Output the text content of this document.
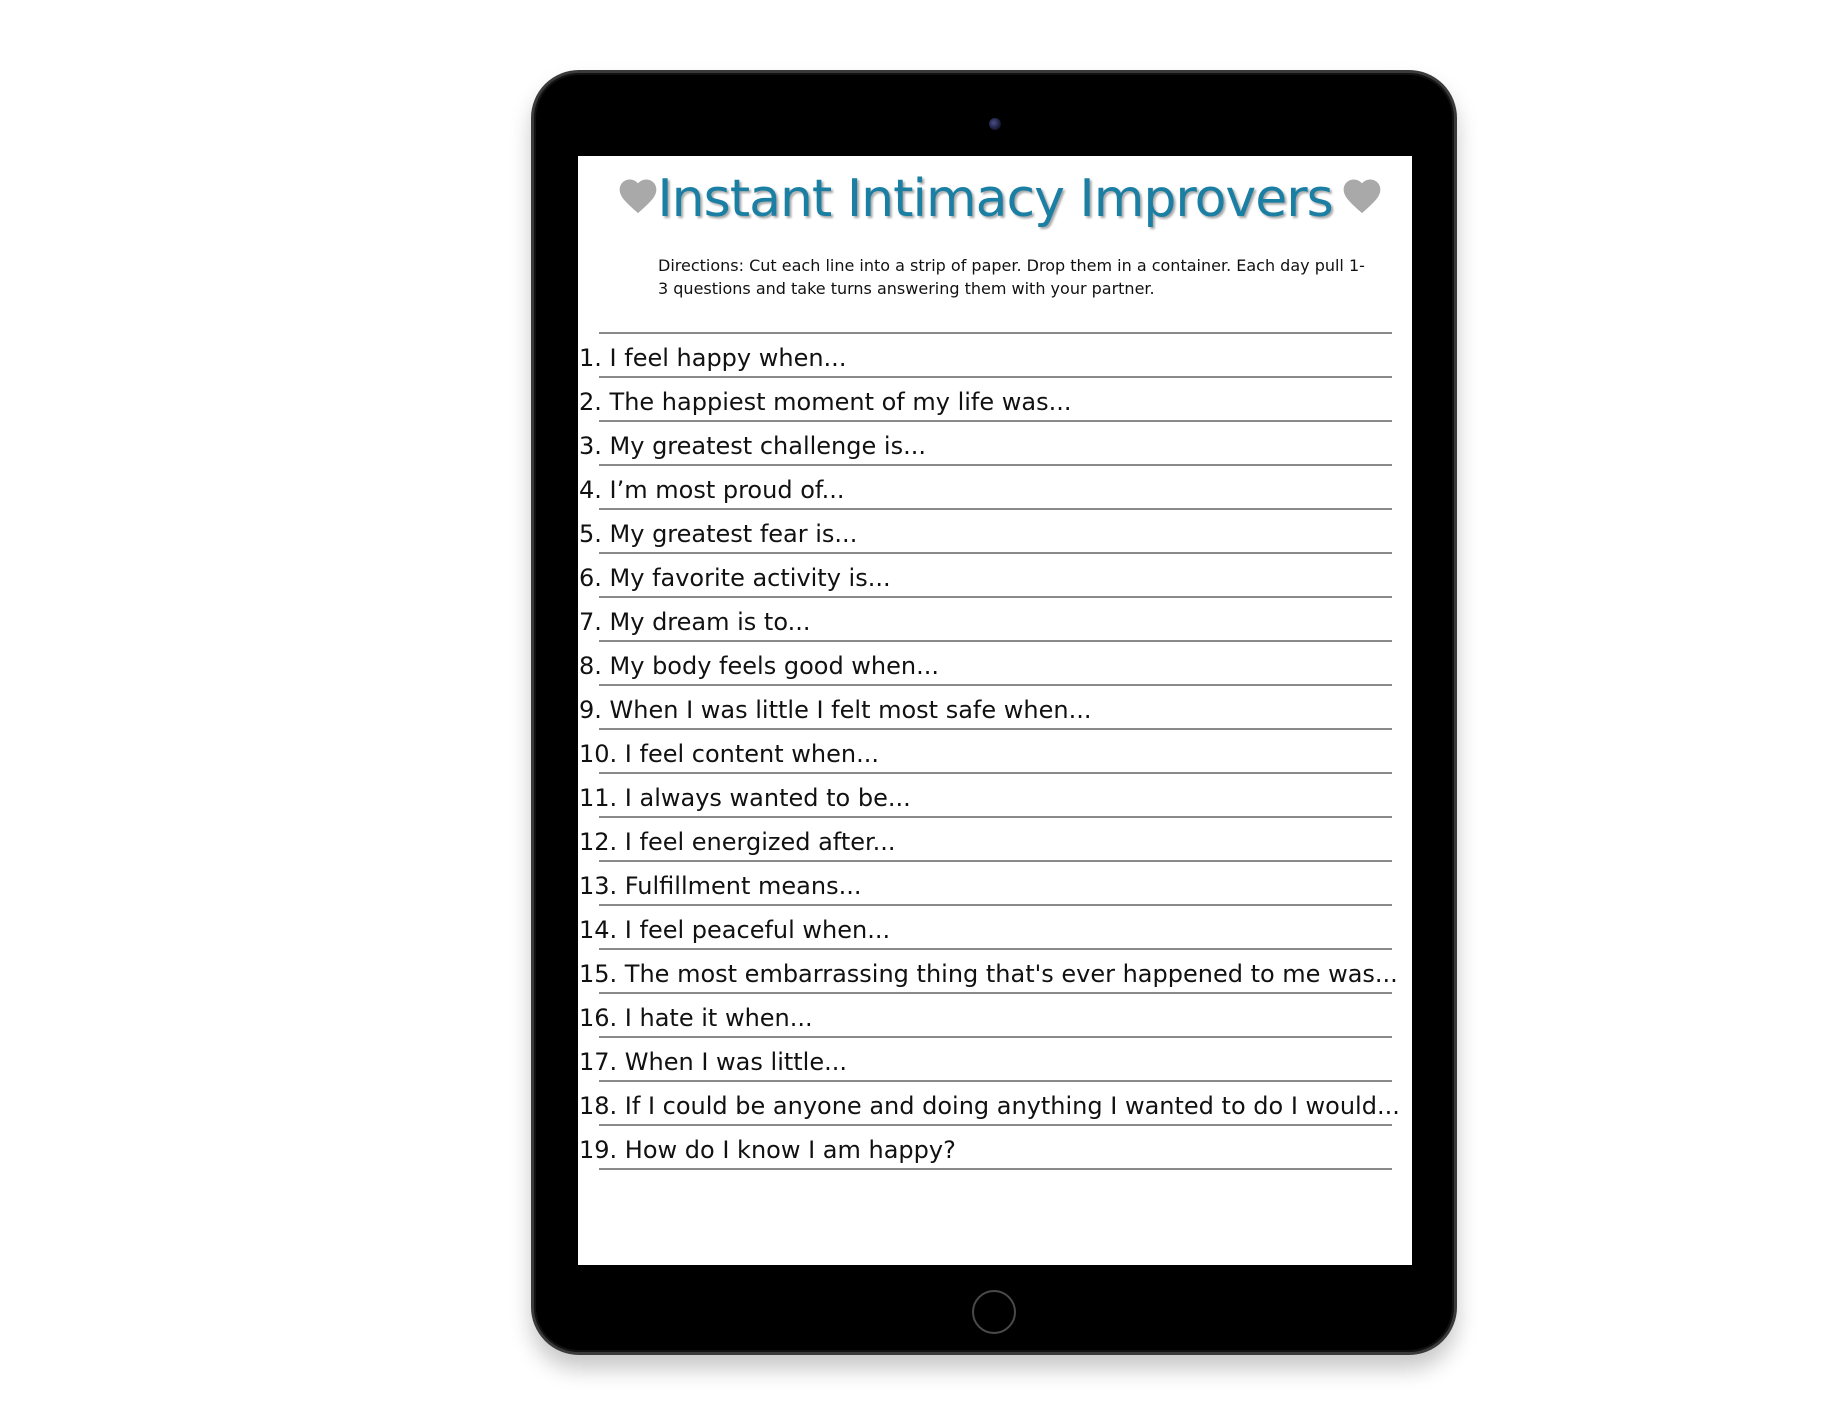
Instant Intimacy Improvers
Directions: Cut each line into a strip of paper. Drop them in a container. Each day pull 1-3 questions and take turns answering them with your partner.
1. I feel happy when...
2. The happiest moment of my life was...
3. My greatest challenge is...
4. I’m most proud of...
5. My greatest fear is...
6. My favorite activity is...
7. My dream is to...
8. My body feels good when...
9. When I was little I felt most safe when...
10. I feel content when...
11. I always wanted to be...
12. I feel energized after...
13. Fulfillment means...
14. I feel peaceful when...
15. The most embarrassing thing that's ever happened to me was...
16. I hate it when...
17. When I was little...
18. If I could be anyone and doing anything I wanted to do I would...
19. How do I know I am happy?
